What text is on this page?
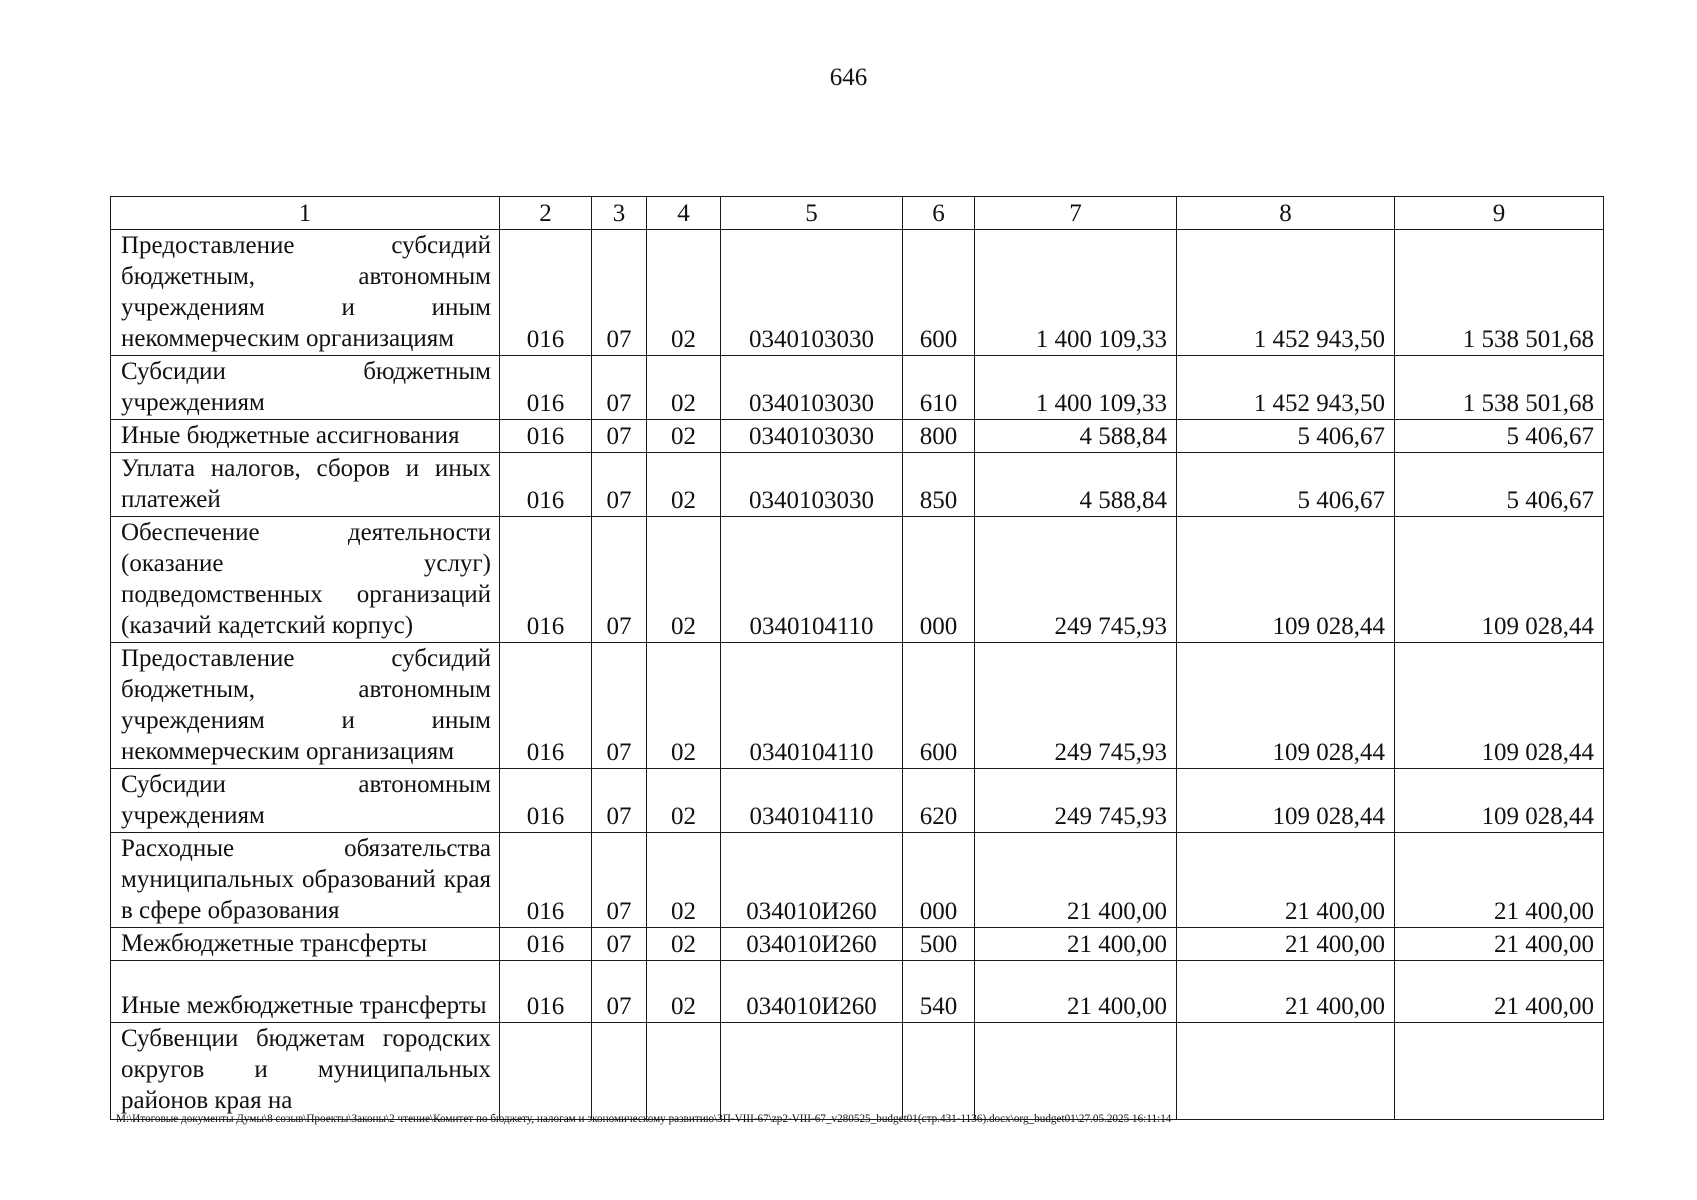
646
1	2	3	4	5	6	7	8	9
Предоставление субсидий бюджетным, автономным учреждениям и иным некоммерческим организациям	016	07	02	0340103030	600	1 400 109,33	1 452 943,50	1 538 501,68
Субсидии бюджетным учреждениям	016	07	02	0340103030	610	1 400 109,33	1 452 943,50	1 538 501,68
Иные бюджетные ассигнования	016	07	02	0340103030	800	4 588,84	5 406,67	5 406,67
Уплата налогов, сборов и иных платежей	016	07	02	0340103030	850	4 588,84	5 406,67	5 406,67
Обеспечение деятельности (оказание услуг) подведомственных организаций (казачий кадетский корпус)	016	07	02	0340104110	000	249 745,93	109 028,44	109 028,44
Предоставление субсидий бюджетным, автономным учреждениям и иным некоммерческим организациям	016	07	02	0340104110	600	249 745,93	109 028,44	109 028,44
Субсидии автономным учреждениям	016	07	02	0340104110	620	249 745,93	109 028,44	109 028,44
Расходные обязательства муниципальных образований края в сфере образования	016	07	02	034010И260	000	21 400,00	21 400,00	21 400,00
Межбюджетные трансферты	016	07	02	034010И260	500	21 400,00	21 400,00	21 400,00
Иные межбюджетные трансферты	016	07	02	034010И260	540	21 400,00	21 400,00	21 400,00
Субвенции бюджетам городских округов и муниципальных районов края на								
M:\Итоговые документы Думы\8 созыв\Проекты\Законы\2 чтение\Комитет по бюджету, налогам и экономическому развитию\ЗП-VIII-67\zp2-VIII-67_v280525_budget01(стр.431-1136).docx\org_budget01\27.05.2025 16:11:14
